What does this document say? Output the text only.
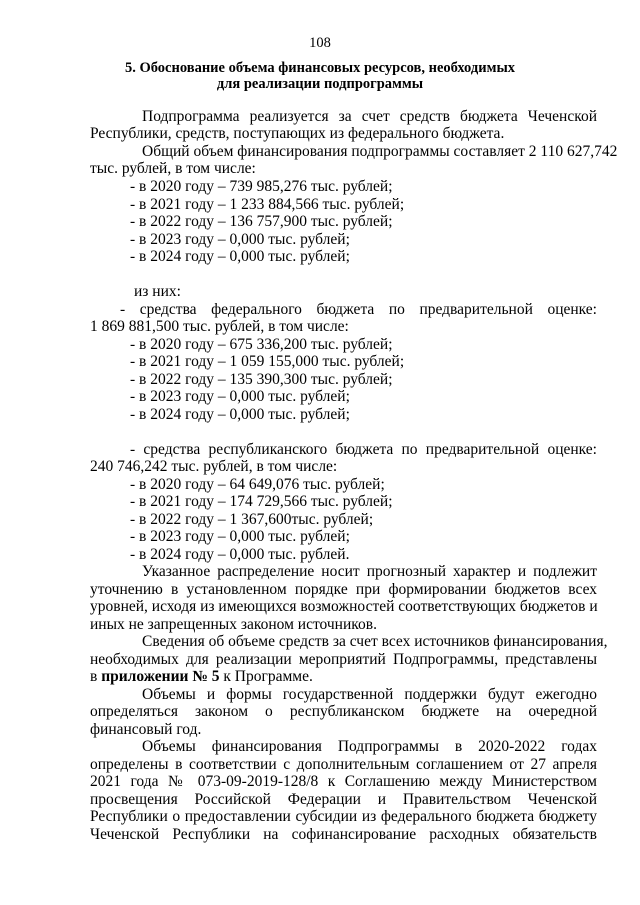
108
5. Обоснование объема финансовых ресурсов, необходимых
для реализации подпрограммы
Подпрограмма реализуется за счет средств бюджета Чеченской
Республики, средств, поступающих из федерального бюджета.
Общий объем финансирования подпрограммы составляет 2 110 627,742
тыс. рублей, в том числе:
- в 2020 году – 739 985,276 тыс. рублей;
- в 2021 году – 1 233 884,566 тыс. рублей;
- в 2022 году – 136 757,900 тыс. рублей;
- в 2023 году – 0,000 тыс. рублей;
- в 2024 году – 0,000 тыс. рублей;
из них:
- средства федерального бюджета по предварительной оценке:
1 869 881,500 тыс. рублей, в том числе:
- в 2020 году – 675 336,200 тыс. рублей;
- в 2021 году – 1 059 155,000 тыс. рублей;
- в 2022 году – 135 390,300 тыс. рублей;
- в 2023 году – 0,000 тыс. рублей;
- в 2024 году – 0,000 тыс. рублей;
- средства республиканского бюджета по предварительной оценке:
240 746,242 тыс. рублей, в том числе:
- в 2020 году – 64 649,076 тыс. рублей;
- в 2021 году – 174 729,566 тыс. рублей;
- в 2022 году – 1 367,600тыс. рублей;
- в 2023 году – 0,000 тыс. рублей;
- в 2024 году – 0,000 тыс. рублей.
Указанное распределение носит прогнозный характер и подлежит
уточнению в установленном порядке при формировании бюджетов всех
уровней, исходя из имеющихся возможностей соответствующих бюджетов и
иных не запрещенных законом источников.
Сведения об объеме средств за счет всех источников финансирования,
необходимых для реализации мероприятий Подпрограммы, представлены
в приложении № 5 к Программе.
Объемы и формы государственной поддержки будут ежегодно
определяться законом о республиканском бюджете на очередной
финансовый год.
Объемы финансирования Подпрограммы в 2020-2022 годах
определены в соответствии с дополнительным соглашением от 27 апреля
2021 года № 073-09-2019-128/8 к Соглашению между Министерством
просвещения Российской Федерации и Правительством Чеченской
Республики о предоставлении субсидии из федерального бюджета бюджету
Чеченской Республики на софинансирование расходных обязательств
